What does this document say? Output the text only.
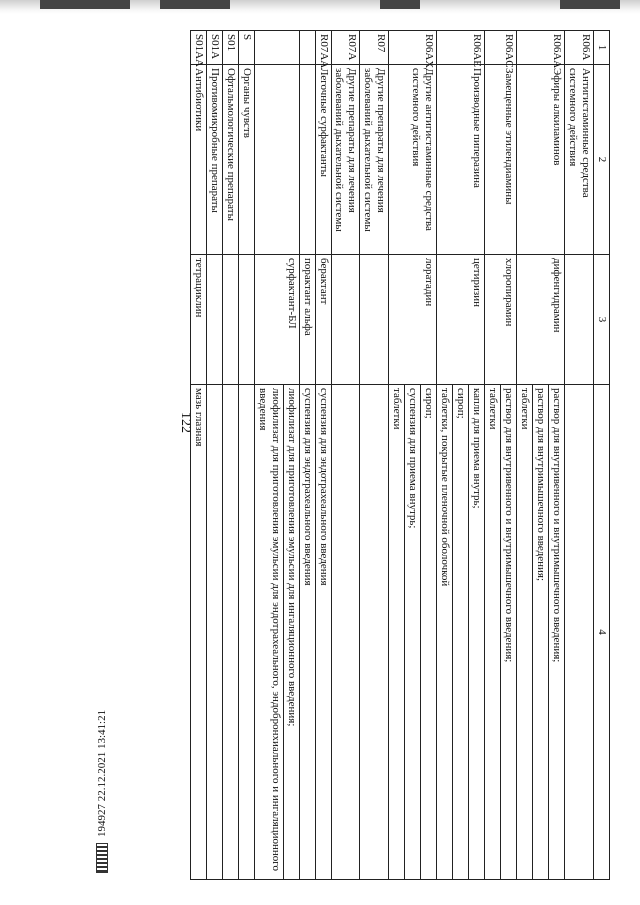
122
1	2	3	4
R06A	Антигистаминные средства системного действия		
R06AA	Эфиры алкиламинов	дифенгидрамин	раствор для внутривенного и внутримышечного введения;
раствор для внутримышечного введения;
таблетки

R06AC	Замещенные этилендиамины	хлоропирамин	раствор для внутривенного и внутримышечного введения;
таблетки

R06AE	Производные пиперазина	цетиризин	капли для приема внутрь;
сироп;
таблетки, покрытые пленочной оболочкой

R06AX	Другие антигистаминные средства системного действия	лоратадин	сироп;
суспензия для приема внутрь;
таблетки

R07	Другие препараты для лечения заболеваний дыхательной системы		
R07A	Другие препараты для лечения заболеваний дыхательной системы		
R07AA	Легочные сурфактанты	берактант	суспензия для эндотрахеального введения

		порактант альфа	суспензия для эндотрахеального введения

		сурфактант-БЛ	лиофилизат для приготовления эмульсии для ингаляционного введения;
лиофилизат для приготовления эмульсии для эндотрахеального, эндобронхиального и ингаляционного введения

S	Органы чувств		
S01	Офтальмологические препараты		
S01A	Противомикробные препараты		
S01AA	Антибиотики	тетрациклин	мазь глазная
194927 22.12.2021 13:41:21
